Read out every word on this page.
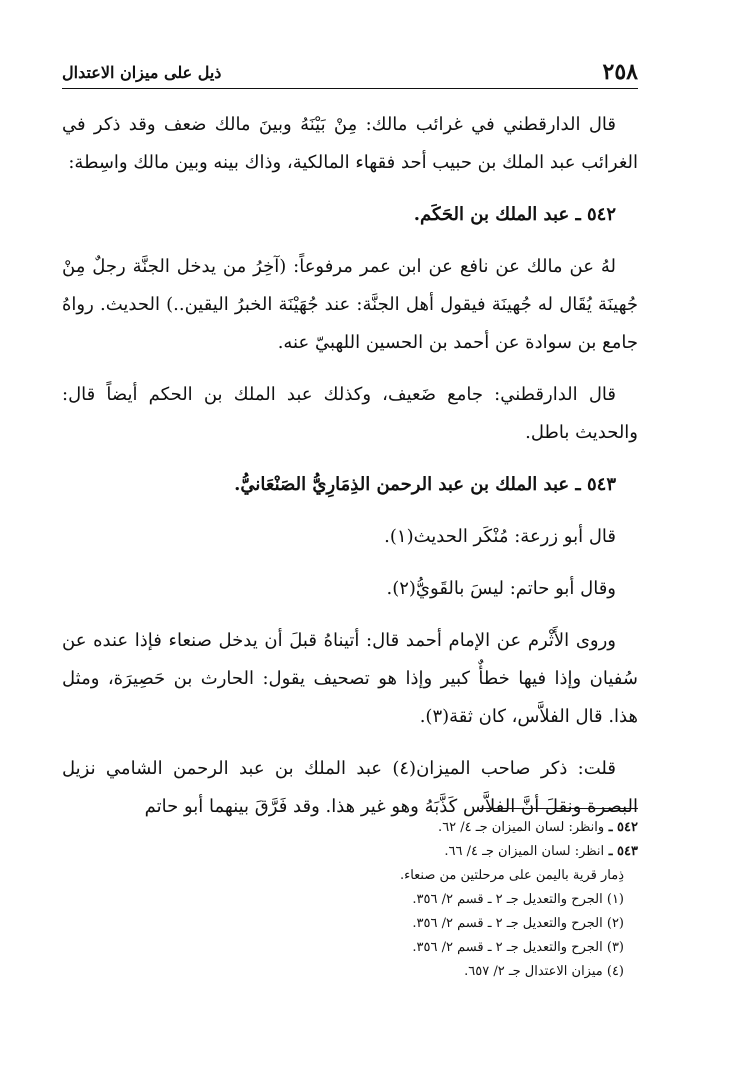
٢٥٨
ذيل على ميزان الاعتدال

قال الدارقطني في غرائب مالك: مِنْ بَيْنَهُ وبينَ مالك ضعف وقد ذكر في الغرائب عبد الملك بن حبيب أحد فقهاء المالكية، وذاك بينه وبين مالك واسِطة:

٥٤٢ ـ عبد الملك بن الحَكَم.

لهُ عن مالك عن نافع عن ابن عمر مرفوعاً: (آخِرُ من يدخل الجنَّة رجلٌ مِنْ جُهينَة يُقَال له جُهينَة فيقول أهل الجنَّة: عند جُهَيْنَة الخبرُ اليقين..) الحديث. رواهُ جامع بن سوادة عن أحمد بن الحسين اللهبيّ عنه.

قال الدارقطني: جامع ضَعيف، وكذلك عبد الملك بن الحكم أيضاً قال: والحديث باطل.

٥٤٣ ـ عبد الملك بن عبد الرحمن الذِمَارِيُّ الصَنْعَانيُّ.

قال أبو زرعة: مُنْكَر الحديث(١).

وقال أبو حاتم: ليسَ بالقَويُّ(٢).

وروى الأَثْرم عن الإمام أحمد قال: أتيناهُ قبلَ أن يدخل صنعاء فإذا عنده عن سُفيان وإذا فيها خطأٌ كبير وإذا هو تصحيف يقول: الحارث بن حَصِيرَة، ومثل هذا. قال الفلاَّس، كان ثقة(٣).

قلت: ذكر صاحب الميزان(٤) عبد الملك بن عبد الرحمن الشامي نزيل البصرة ونقلَ أنَّ الفلاَّس كَذَّبَهُ وهو غير هذا. وقد فَرَّقَ بينهما أبو حاتم

٥٤٢ ـ وانظر: لسان الميزان جـ ٤/ ٦٢.
٥٤٣ ـ انظر: لسان الميزان جـ ٤/ ٦٦.
ذِمار قرية باليمن على مرحلتين من صنعاء.
(١) الجرح والتعديل جـ ٢ ـ قسم ٢/ ٣٥٦.
(٢) الجرح والتعديل جـ ٢ ـ قسم ٢/ ٣٥٦.
(٣) الجرح والتعديل جـ ٢ ـ قسم ٢/ ٣٥٦.
(٤) ميزان الاعتدال جـ ٢/ ٦٥٧.
